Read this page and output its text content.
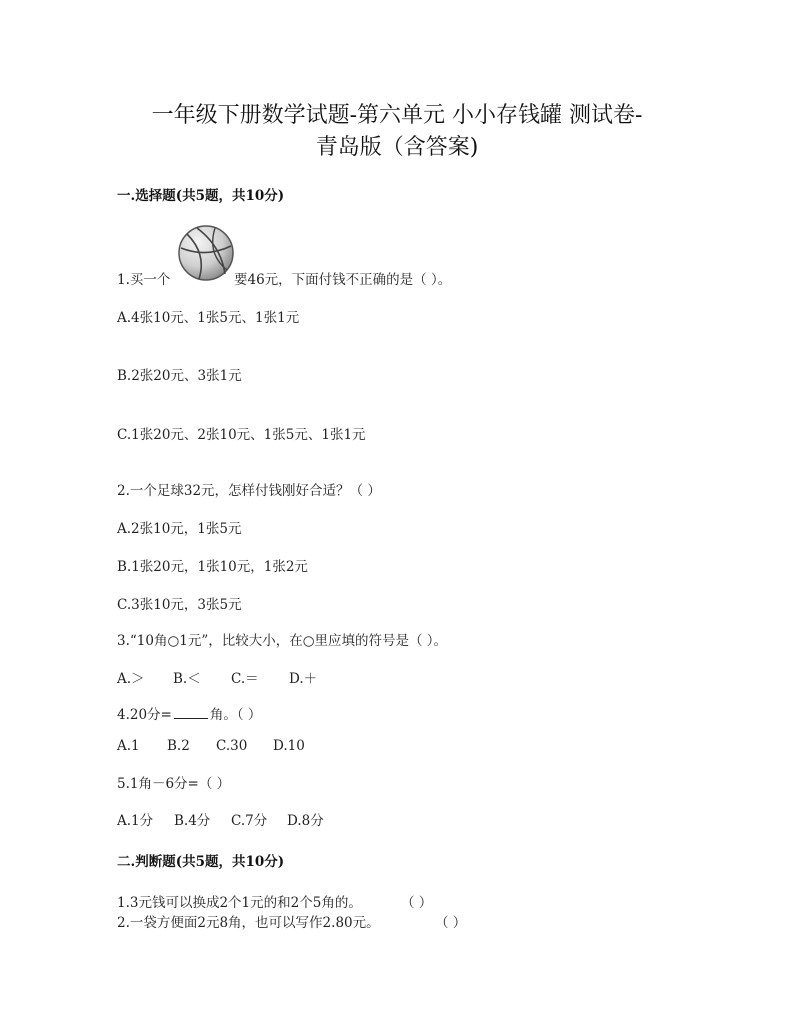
一年级下册数学试题-第六单元 小小存钱罐 测试卷-
青岛版（含答案)
一.选择题(共5题，共10分)
1.买一个	要46元，下面付钱不正确的是（ ）。
A.4张10元、1张5元、1张1元
B.2张20元、3张1元
C.1张20元、2张10元、1张5元、1张1元
2.一个足球32元，怎样付钱刚好合适？（ ）
A.2张10元，1张5元
B.1张20元，1张10元，1张2元
C.3张10元，3张5元
3.“10角○1元”，比较大小，在○里应填的符号是（ ）。
A.＞ B.＜ C.＝ D.＋
4.20分=	角。（ ）
A.1 B.2 C.30 D.10
5.1角－6分=（ ）
A.1分 B.4分 C.7分 D.8分
二.判断题(共5题，共10分)
1.3元钱可以换成2个1元的和2个5角的。	（ ）
2.一袋方便面2元8角，也可以写作2.80元。	（ ）
